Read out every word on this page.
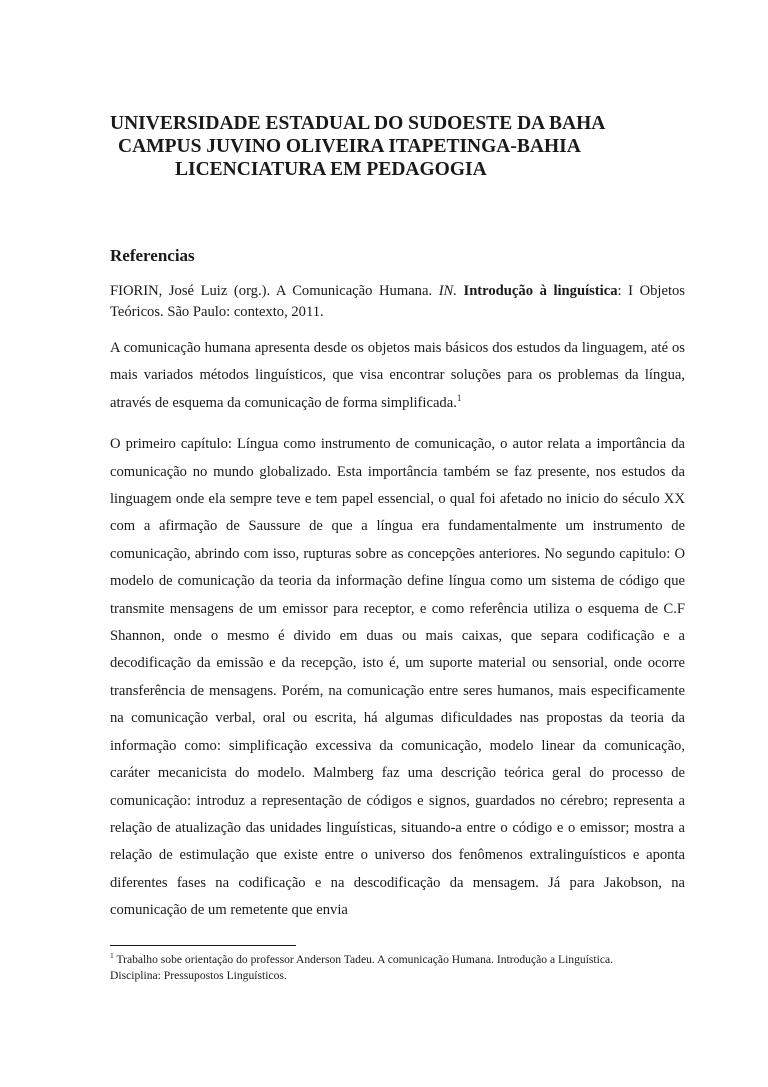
UNIVERSIDADE ESTADUAL DO SUDOESTE DA BAHA
CAMPUS JUVINO OLIVEIRA ITAPETINGA-BAHIA
LICENCIATURA EM PEDAGOGIA
Referencias

FIORIN, José Luiz (org.). A Comunicação Humana. IN. Introdução à linguística: I Objetos Teóricos. São Paulo: contexto, 2011.

A comunicação humana apresenta desde os objetos mais básicos dos estudos da linguagem, até os mais variados métodos linguísticos, que visa encontrar soluções para os problemas da língua, através de esquema da comunicação de forma simplificada.$^1$

O primeiro capítulo: Língua como instrumento de comunicação, o autor relata a importância da comunicação no mundo globalizado. Esta importância também se faz presente, nos estudos da linguagem onde ela sempre teve e tem papel essencial, o qual foi afetado no inicio do século XX com a afirmação de Saussure de que a língua era fundamentalmente um instrumento de comunicação, abrindo com isso, rupturas sobre as concepções anteriores. No segundo capitulo: O modelo de comunicação da teoria da informação define língua como um sistema de código que transmite mensagens de um emissor para receptor, e como referência utiliza o esquema de C.F Shannon, onde o mesmo é divido em duas ou mais caixas, que separa codificação e a decodificação da emissão e da recepção, isto é, um suporte material ou sensorial, onde ocorre transferência de mensagens. Porém, na comunicação entre seres humanos, mais especificamente na comunicação verbal, oral ou escrita, há algumas dificuldades nas propostas da teoria da informação como: simplificação excessiva da comunicação, modelo linear da comunicação, caráter mecanicista do modelo. Malmberg faz uma descrição teórica geral do processo de comunicação: introduz a representação de códigos e signos, guardados no cérebro; representa a relação de atualização das unidades linguísticas, situando-a entre o código e o emissor; mostra a relação de estimulação que existe entre o universo dos fenômenos extralinguísticos e aponta diferentes fases na codificação e na descodificação da mensagem. Já para Jakobson, na comunicação de um remetente que envia

$^1$ Trabalho sobe orientação do professor Anderson Tadeu. A comunicação Humana. Introdução a Linguística.
Disciplina: Pressupostos Linguísticos.
